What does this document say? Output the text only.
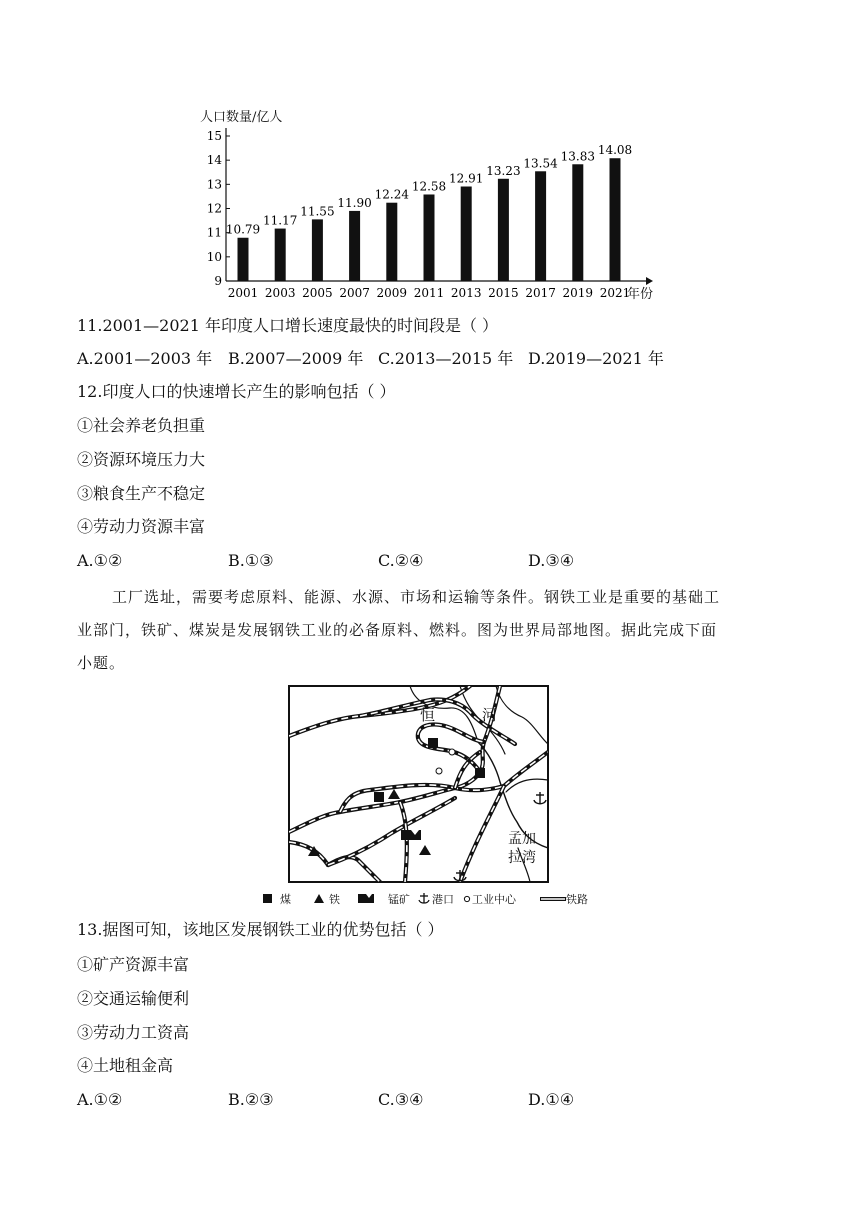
人口数量/亿人
年份
9
10
11
12
13
14
15
10.79
2001
11.17
2003
11.55
2005
11.90
2007
12.24
2009
12.58
2011
12.91
2013
13.23
2015
13.54
2017
13.83
2019
14.08
2021
11.2001—2021 年印度人口增长速度最快的时间段是（ ）
A.2001—2003 年 B.2007—2009 年 C.2013—2015 年 D.2019—2021 年
12.印度人口的快速增长产生的影响包括（ ）
①社会养老负担重
②资源环境压力大
③粮食生产不稳定
④劳动力资源丰富
A.①②	B.①③	C.②④	D.③④
工厂选址，需要考虑原料、能源、水源、市场和运输等条件。钢铁工业是重要的基础工
业部门，铁矿、煤炭是发展钢铁工业的必备原料、燃料。图为世界局部地图。据此完成下面
小题。
恒	河
孟加
拉湾
煤	铁	锰矿 港口 工业中心	铁路
13.据图可知，该地区发展钢铁工业的优势包括（ ）
①矿产资源丰富
②交通运输便利
③劳动力工资高
④土地租金高
A.①②	B.②③	C.③④	D.①④
